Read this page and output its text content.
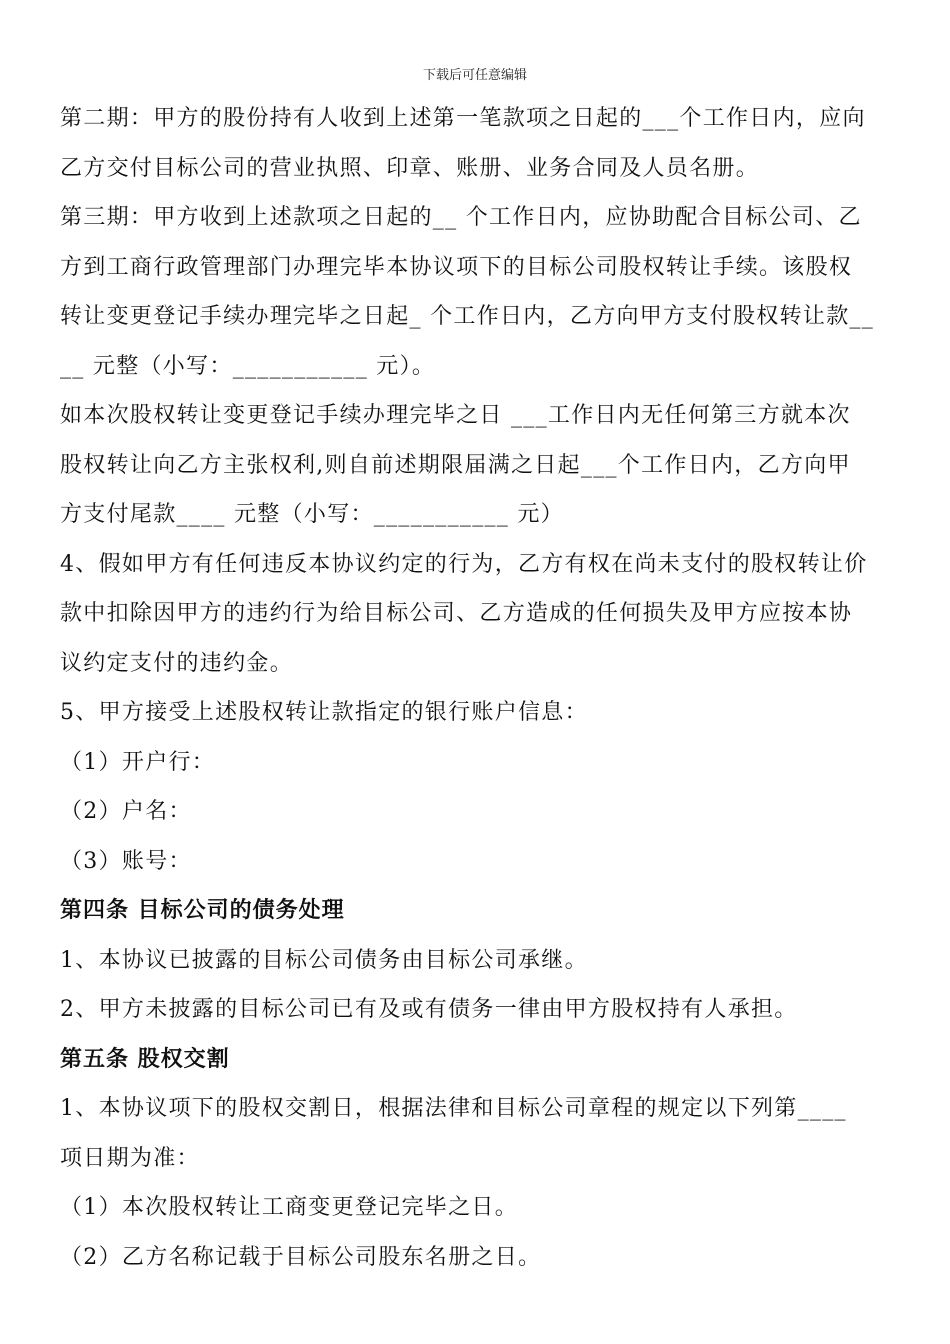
下载后可任意编辑
第二期：甲方的股份持有人收到上述第一笔款项之日起的___个工作日内，应向
乙方交付目标公司的营业执照、印章、账册、业务合同及人员名册。
第三期：甲方收到上述款项之日起的__ 个工作日内，应协助配合目标公司、乙
方到工商行政管理部门办理完毕本协议项下的目标公司股权转让手续。该股权
转让变更登记手续办理完毕之日起_ 个工作日内，乙方向甲方支付股权转让款__
__ 元整（小写：___________ 元）。
如本次股权转让变更登记手续办理完毕之日 ___工作日内无任何第三方就本次
股权转让向乙方主张权利,则自前述期限届满之日起___个工作日内，乙方向甲
方支付尾款____ 元整（小写：___________ 元）
4、假如甲方有任何违反本协议约定的行为，乙方有权在尚未支付的股权转让价
款中扣除因甲方的违约行为给目标公司、乙方造成的任何损失及甲方应按本协
议约定支付的违约金。
5、甲方接受上述股权转让款指定的银行账户信息：
（1）开户行：
（2）户名：
（3）账号：
第四条 目标公司的债务处理
1、本协议已披露的目标公司债务由目标公司承继。
2、甲方未披露的目标公司已有及或有债务一律由甲方股权持有人承担。
第五条 股权交割
1、本协议项下的股权交割日，根据法律和目标公司章程的规定以下列第____
项日期为准：
（1）本次股权转让工商变更登记完毕之日。
（2）乙方名称记载于目标公司股东名册之日。
